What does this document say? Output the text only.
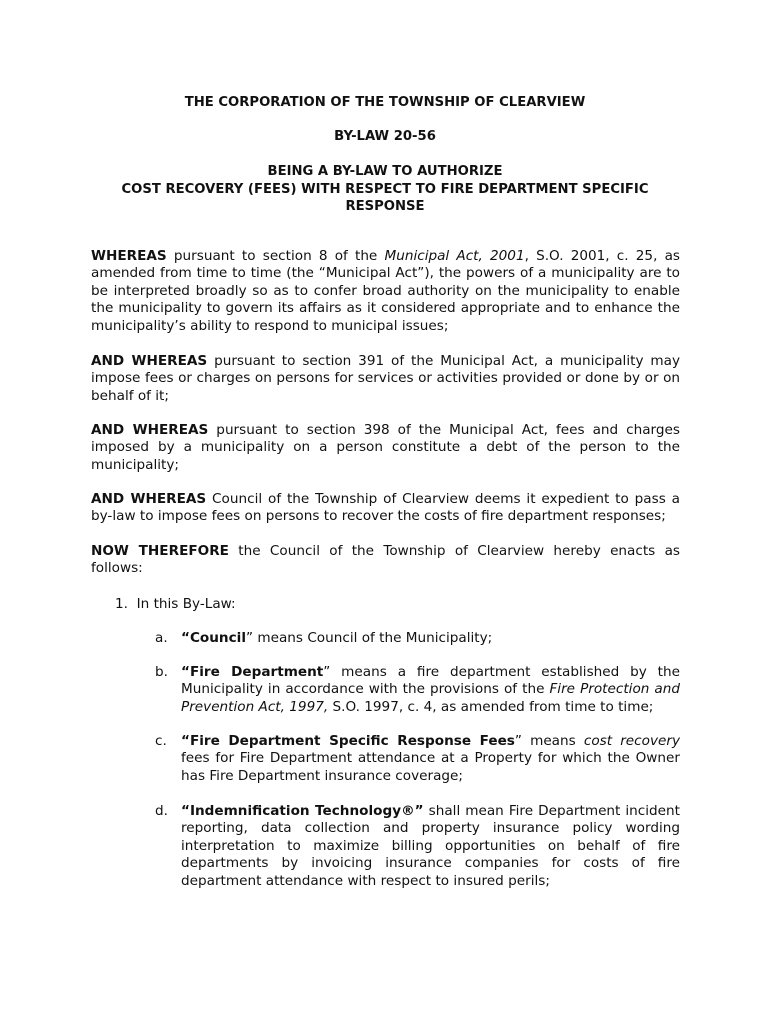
THE CORPORATION OF THE TOWNSHIP OF CLEARVIEW
BY-LAW 20-56
BEING A BY-LAW TO AUTHORIZE
COST RECOVERY (FEES) WITH RESPECT TO FIRE DEPARTMENT SPECIFIC
RESPONSE
WHEREAS pursuant to section 8 of the Municipal Act, 2001, S.O. 2001, c. 25, as amended from time to time (the “Municipal Act”), the powers of a municipality are to be interpreted broadly so as to confer broad authority on the municipality to enable the municipality to govern its affairs as it considered appropriate and to enhance the municipality’s ability to respond to municipal issues;
AND WHEREAS pursuant to section 391 of the Municipal Act, a municipality may impose fees or charges on persons for services or activities provided or done by or on behalf of it;
AND WHEREAS pursuant to section 398 of the Municipal Act, fees and charges imposed by a municipality on a person constitute a debt of the person to the municipality;
AND WHEREAS Council of the Township of Clearview deems it expedient to pass a by-law to impose fees on persons to recover the costs of fire department responses;
NOW THEREFORE the Council of the Township of Clearview hereby enacts as follows:
1. In this By-Law:
a. “Council” means Council of the Municipality;
b. “Fire Department” means a fire department established by the Municipality in accordance with the provisions of the Fire Protection and Prevention Act, 1997, S.O. 1997, c. 4, as amended from time to time;
c. “Fire Department Specific Response Fees” means cost recovery fees for Fire Department attendance at a Property for which the Owner has Fire Department insurance coverage;
d. “Indemnification Technology®” shall mean Fire Department incident reporting, data collection and property insurance policy wording interpretation to maximize billing opportunities on behalf of fire departments by invoicing insurance companies for costs of fire department attendance with respect to insured perils;
